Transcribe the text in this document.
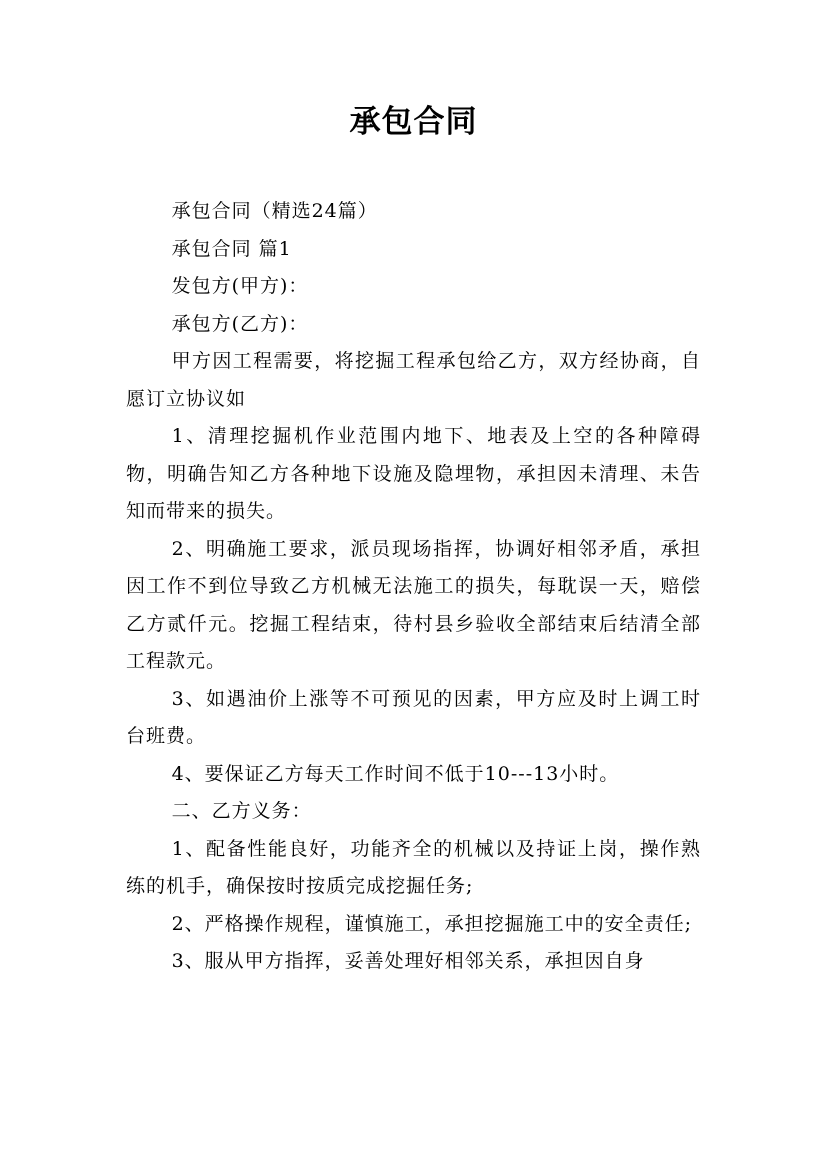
承包合同

承包合同（精选24篇）

承包合同 篇1

发包方(甲方)：

承包方(乙方)：

甲方因工程需要，将挖掘工程承包给乙方，双方经协商，自愿订立协议如

1、清理挖掘机作业范围内地下、地表及上空的各种障碍物，明确告知乙方各种地下设施及隐埋物，承担因未清理、未告知而带来的损失。

2、明确施工要求，派员现场指挥，协调好相邻矛盾，承担因工作不到位导致乙方机械无法施工的损失，每耽误一天，赔偿乙方贰仟元。挖掘工程结束，待村县乡验收全部结束后结清全部工程款元。

3、如遇油价上涨等不可预见的因素，甲方应及时上调工时台班费。

4、要保证乙方每天工作时间不低于10---13小时。

二、乙方义务：

1、配备性能良好，功能齐全的机械以及持证上岗，操作熟练的机手，确保按时按质完成挖掘任务;

2、严格操作规程，谨慎施工，承担挖掘施工中的安全责任;

3、服从甲方指挥，妥善处理好相邻关系，承担因自身
